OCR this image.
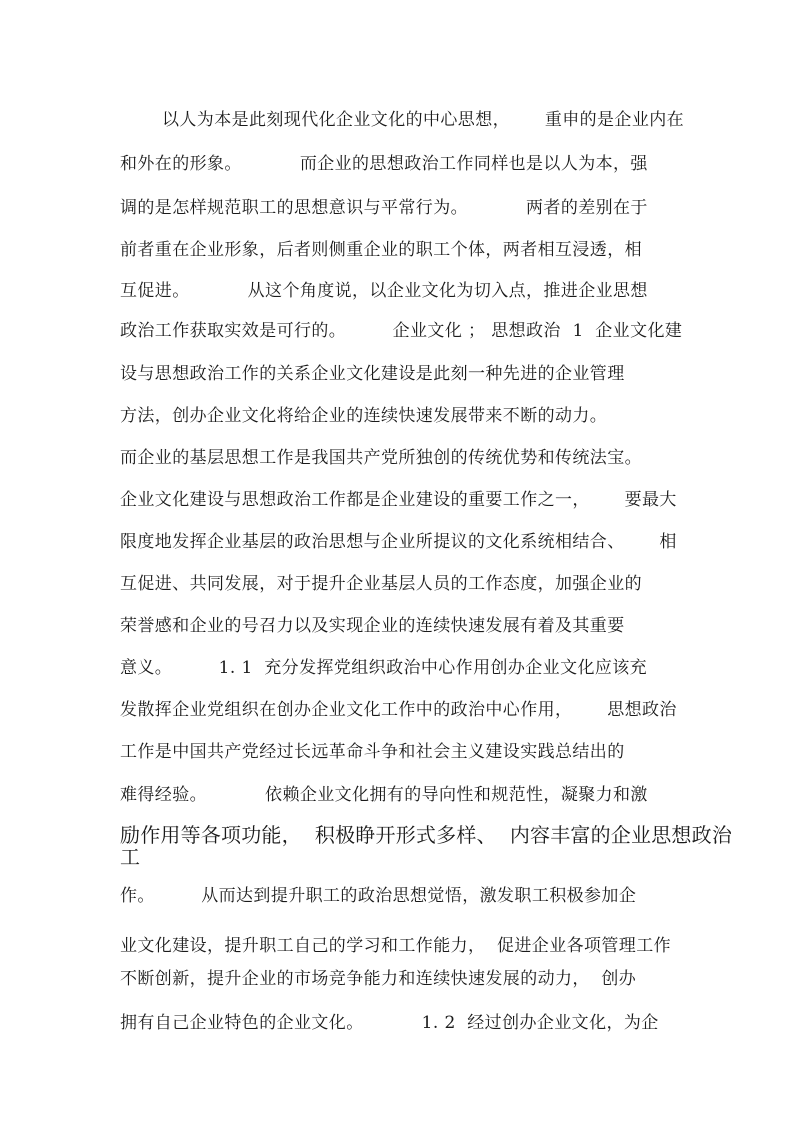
以人为本是此刻现代化企业文化的中心思想，      重申的是企业内在
和外在的形象。          而企业的思想政治工作同样也是以人为本，强
调的是怎样规范职工的思想意识与平常行为。          两者的差别在于
前者重在企业形象，后者则侧重企业的职工个体，两者相互浸透，相
互促进。          从这个角度说，以企业文化为切入点，推进企业思想
政治工作获取实效是可行的。        企业文化 ； 思想政治  1  企业文化建
设与思想政治工作的关系企业文化建设是此刻一种先进的企业管理
方法，创办企业文化将给企业的连续快速发展带来不断的动力。
而企业的基层思想工作是我国共产党所独创的传统优势和传统法宝。
企业文化建设与思想政治工作都是企业建设的重要工作之一，      要最大
限度地发挥企业基层的政治思想与企业所提议的文化系统相结合、      相
互促进、共同发展，对于提升企业基层人员的工作态度，加强企业的
荣誉感和企业的号召力以及实现企业的连续快速发展有着及其重要
意义。        1. 1  充分发挥党组织政治中心作用创办企业文化应该充
发散挥企业党组织在创办企业文化工作中的政治中心作用，      思想政治
工作是中国共产党经过长远革命斗争和社会主义建设实践总结出的
难得经验。          依赖企业文化拥有的导向性和规范性，凝聚力和激
励作用等各项功能，  积极睁开形式多样、  内容丰富的企业思想政治
工
作。        从而达到提升职工的政治思想觉悟，激发职工积极参加企
业文化建设，提升职工自己的学习和工作能力，  促进企业各项管理工作
不断创新，提升企业的市场竞争能力和连续快速发展的动力，  创办
拥有自己企业特色的企业文化。          1. 2  经过创办企业文化，为企
